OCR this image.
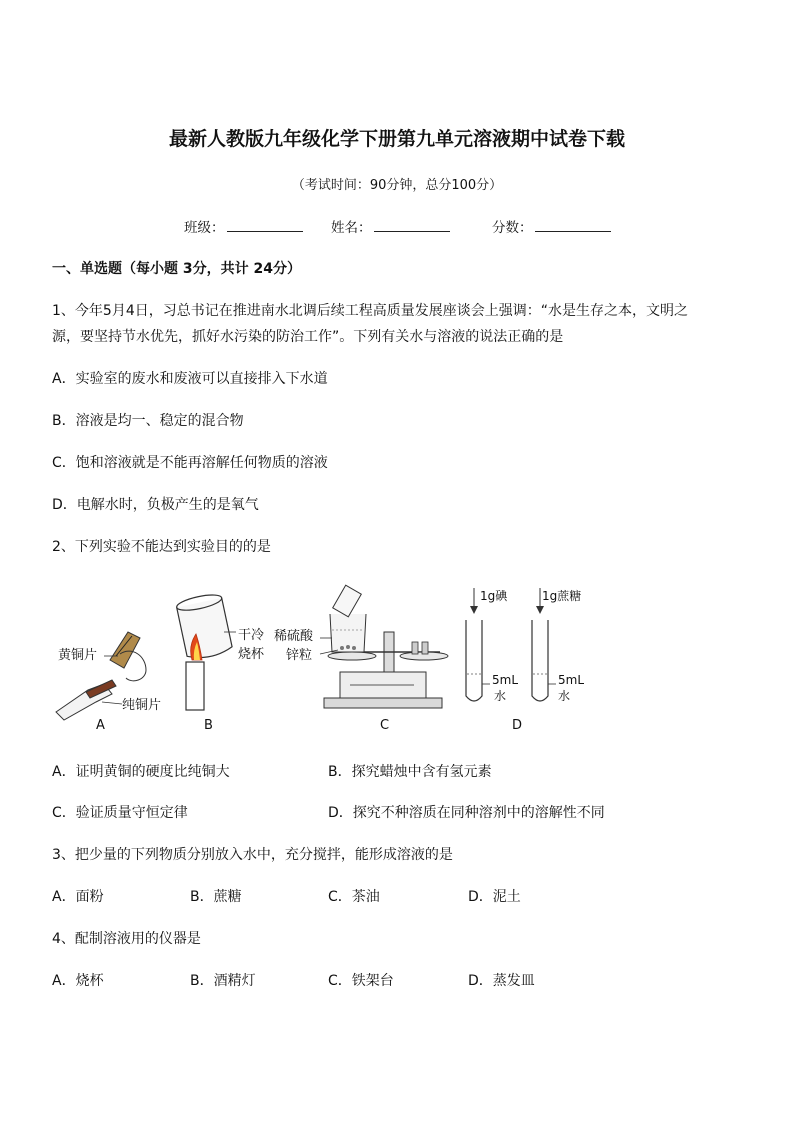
最新人教版九年级化学下册第九单元溶液期中试卷下载
（考试时间：90分钟，总分100分）
班级：	姓名：	分数：
一、单选题（每小题 3分，共计 24分）
1、今年5月4日，习总书记在推进南水北调后续工程高质量发展座谈会上强调：“水是生存之本，文明之
源，要坚持节水优先，抓好水污染的防治工作”。下列有关水与溶液的说法正确的是
A．实验室的废水和废液可以直接排入下水道
B．溶液是均一、稳定的混合物
C．饱和溶液就是不能再溶解任何物质的溶液
D．电解水时，负极产生的是氧气
2、下列实验不能达到实验目的的是
黄铜片
纯铜片
A
干冷
烧杯
B
稀硫酸
锌粒
C
1g碘
5mL
水
1g蔗糖
5mL
水
D
A．证明黄铜的硬度比纯铜大	B．探究蜡烛中含有氢元素
C．验证质量守恒定律	D．探究不种溶质在同种溶剂中的溶解性不同
3、把少量的下列物质分别放入水中，充分搅拌，能形成溶液的是
A．面粉	B．蔗糖	C．茶油	D．泥土
4、配制溶液用的仪器是
A．烧杯	B．酒精灯	C．铁架台	D．蒸发皿
